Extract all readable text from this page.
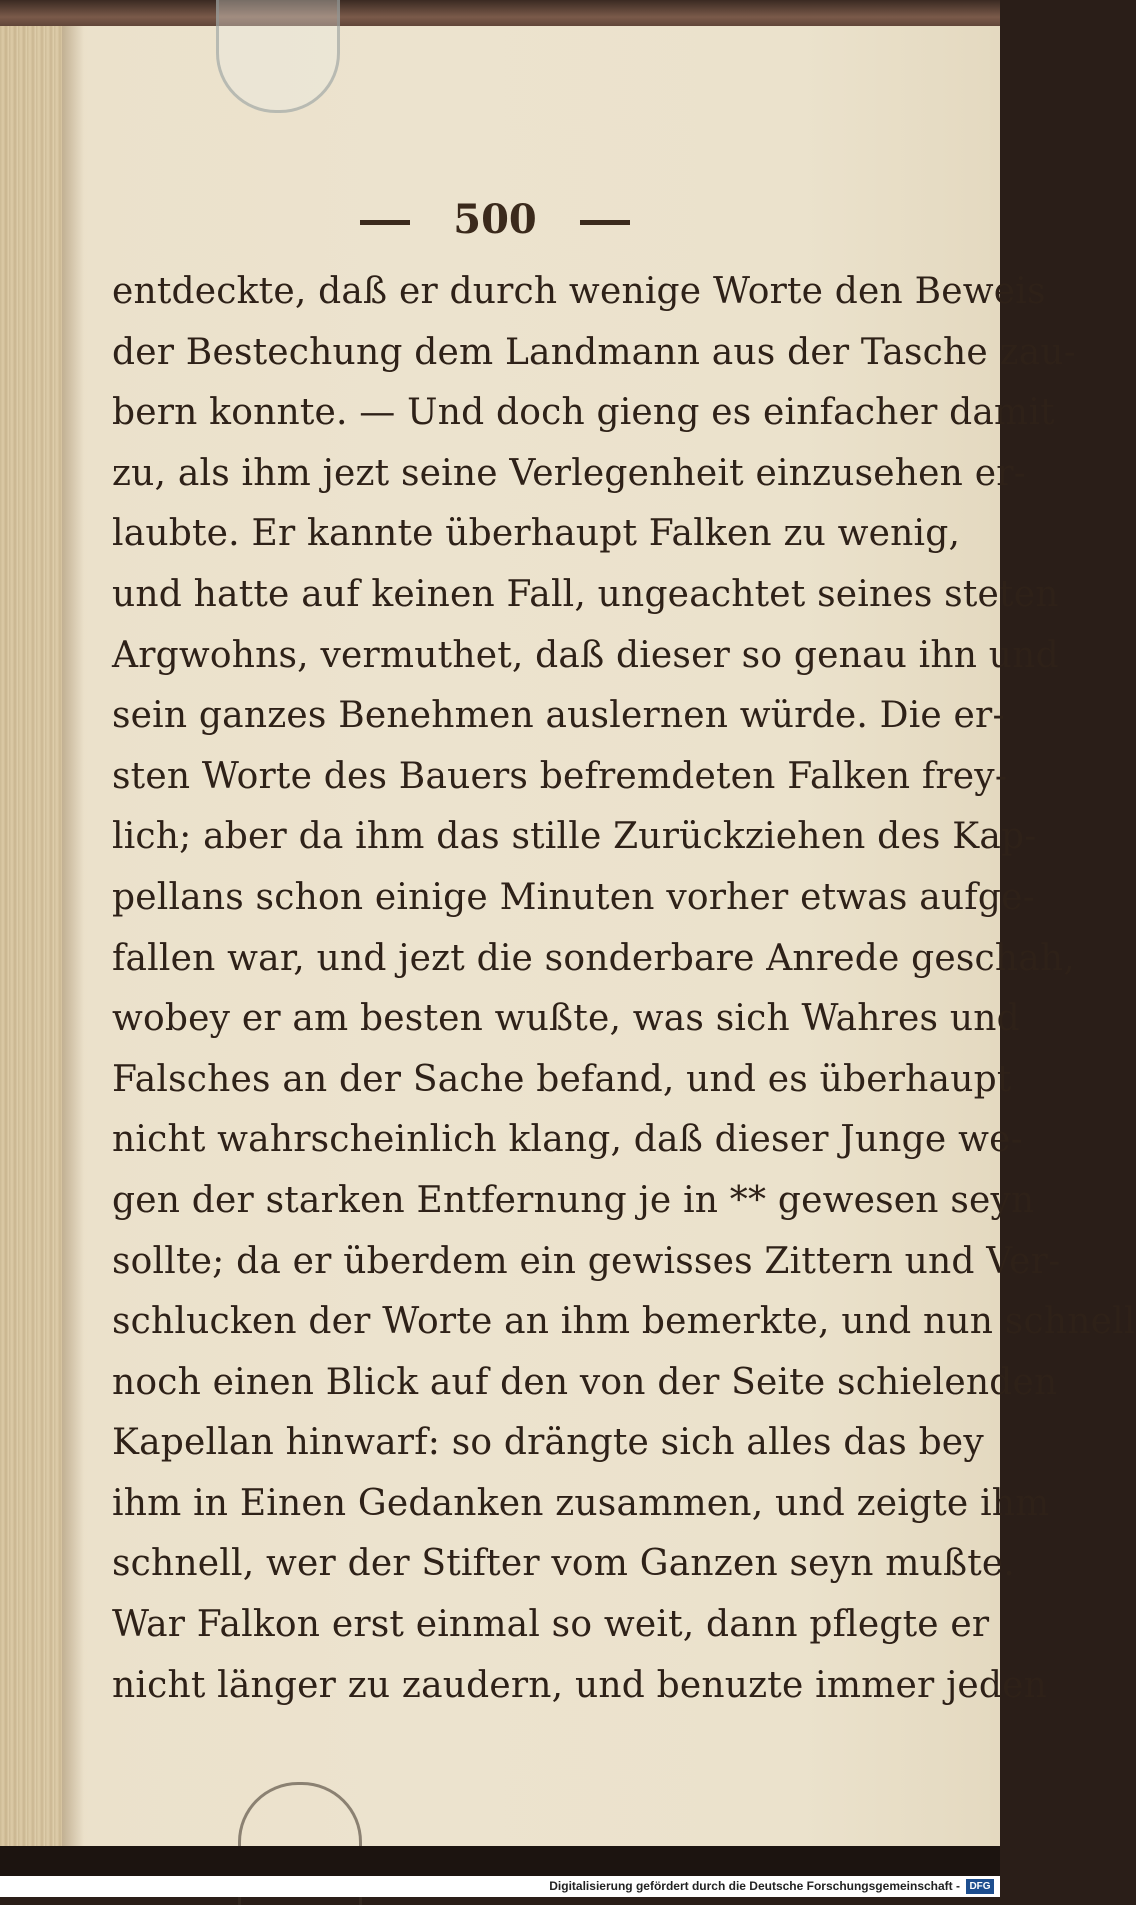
500
entdeckte, daß er durch wenige Worte den Beweis
der Bestechung dem Landmann aus der Tasche zau-
bern konnte. — Und doch gieng es einfacher damit
zu, als ihm jezt seine Verlegenheit einzusehen er-
laubte. Er kannte überhaupt Falken zu wenig,
und hatte auf keinen Fall, ungeachtet seines steten
Argwohns, vermuthet, daß dieser so genau ihn und
sein ganzes Benehmen auslernen würde. Die er-
sten Worte des Bauers befremdeten Falken frey-
lich; aber da ihm das stille Zurückziehen des Kap-
pellans schon einige Minuten vorher etwas aufge-
fallen war, und jezt die sonderbare Anrede geschah,
wobey er am besten wußte, was sich Wahres und
Falsches an der Sache befand, und es überhaupt
nicht wahrscheinlich klang, daß dieser Junge we-
gen der starken Entfernung je in ** gewesen seyn
sollte; da er überdem ein gewisses Zittern und Ver-
schlucken der Worte an ihm bemerkte, und nun schnell
noch einen Blick auf den von der Seite schielenden
Kapellan hinwarf: so drängte sich alles das bey
ihm in Einen Gedanken zusammen, und zeigte ihm
schnell, wer der Stifter vom Ganzen seyn mußte.
War Falkon erst einmal so weit, dann pflegte er
nicht länger zu zaudern, und benuzte immer jeden
Digitalisierung gefördert durch die Deutsche Forschungsgemeinschaft - DFG
